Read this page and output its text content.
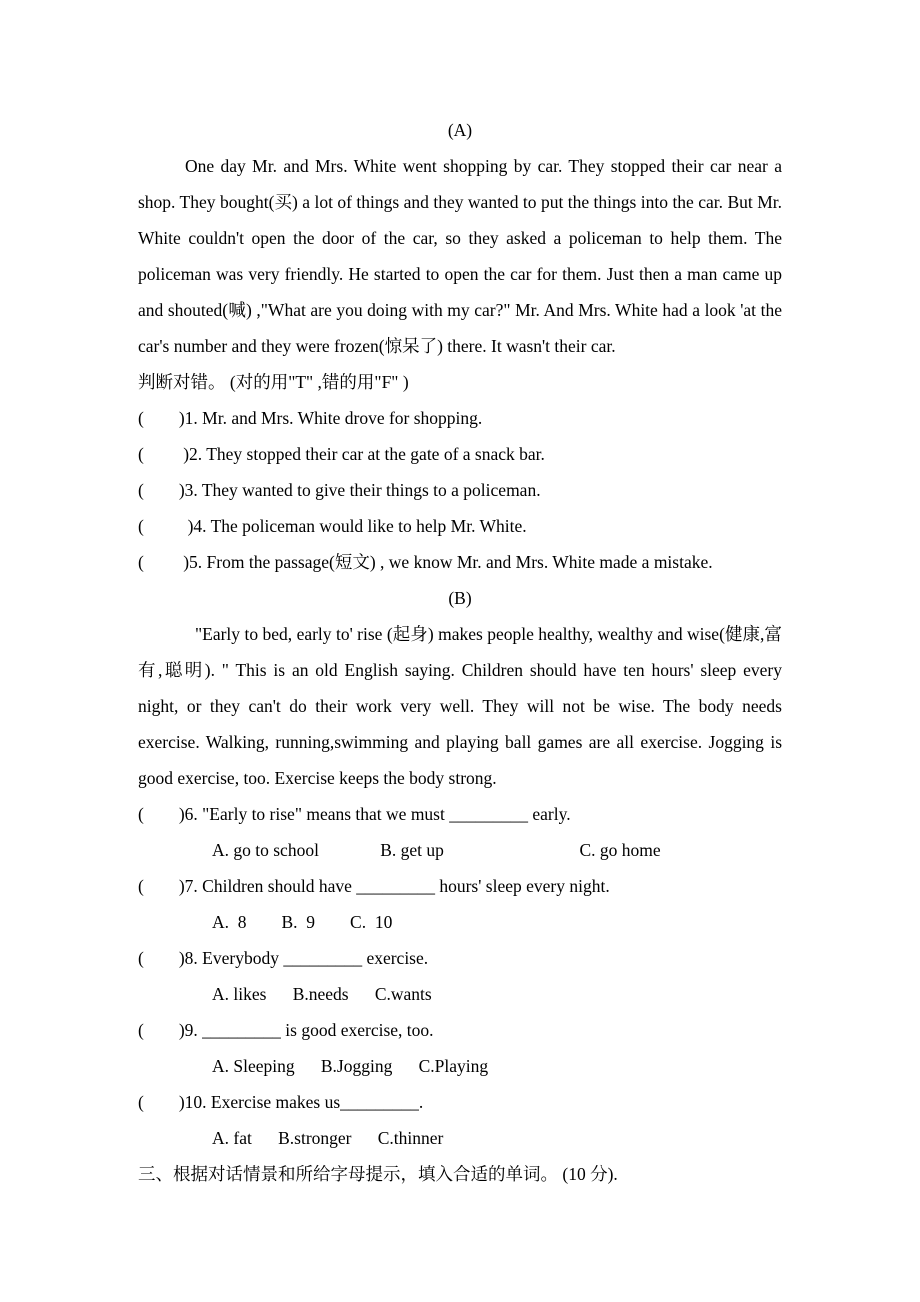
(A)
One day Mr. and Mrs. White went shopping by car. They stopped their car near a shop. They bought(买) a lot of things and they wanted to put the things into the car. But Mr. White couldn't open the door of the car, so they asked a policeman to help them. The policeman was very friendly. He started to open the car for them. Just then a man came up and shouted(喊) ,"What are you doing with my car?" Mr. And Mrs. White had a look 'at the car's number and they were frozen(惊呆了) there. It wasn't their car.
判断对错。 (对的用"T" ,错的用"F" )
(        )1. Mr. and Mrs. White drove for shopping.
(         )2. They stopped their car at the gate of a snack bar.
(        )3. They wanted to give their things to a policeman.
(          )4. The policeman would like to help Mr. White.
(         )5. From the passage(短文) , we know Mr. and Mrs. White made a mistake.
(B)
"Early to bed, early to' rise (起身) makes people healthy, wealthy and wise(健康,富有,聪明). " This is an old English saying. Children should have ten hours' sleep every night, or they can't do their work very well. They will not be wise. The body needs exercise. Walking, running,swimming and playing ball games are all exercise. Jogging is good exercise, too. Exercise keeps the body strong.
(        )6. "Early to rise" means that we must _________ early.
A. go to school              B. get up                               C. go home
(        )7. Children should have _________ hours' sleep every night.
A.  8        B.  9        C.  10
(        )8. Everybody _________ exercise.
A. likes      B.needs      C.wants
(        )9. _________ is good exercise, too.
A. Sleeping      B.Jogging      C.Playing
(        )10. Exercise makes us_________.
A. fat      B.stronger      C.thinner
三、根据对话情景和所给字母提示，填入合适的单词。 (10 分).
